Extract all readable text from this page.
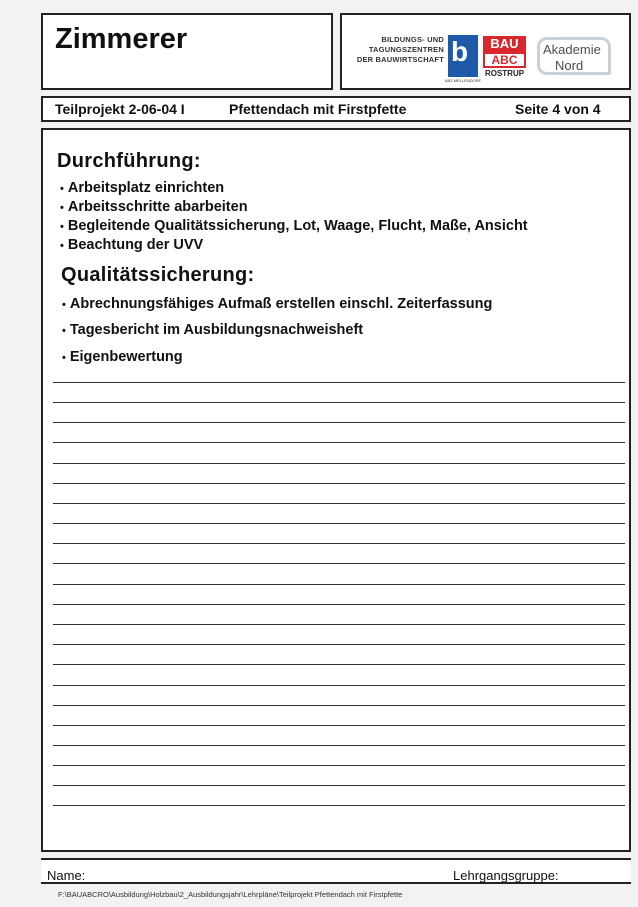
Zimmerer	BILDUNGS- UND
TAGUNGSZENTREN
DER BAUWIRTSCHAFT b
ABZ MELLENDORF
BAU
ABC
ROSTRUP
Akademie
Nord
Teilprojekt 2-06-04 I	Pfettendach mit Firstpfette	Seite 4 von 4
Durchführung:
• Arbeitsplatz einrichten
• Arbeitsschritte abarbeiten
• Begleitende Qualitätssicherung, Lot, Waage, Flucht, Maße, Ansicht
• Beachtung der UVV
Qualitätssicherung:
• Abrechnungsfähiges Aufmaß erstellen einschl. Zeiterfassung
• Tagesbericht im Ausbildungsnachweisheft
• Eigenbewertung
Name:	Lehrgangsgruppe:
F:\BAUABCRO\Ausbildung\Holzbau\2_Ausbildungsjahr\Lehrpläne\Teilprojekt Pfettendach mit Firstpfette
